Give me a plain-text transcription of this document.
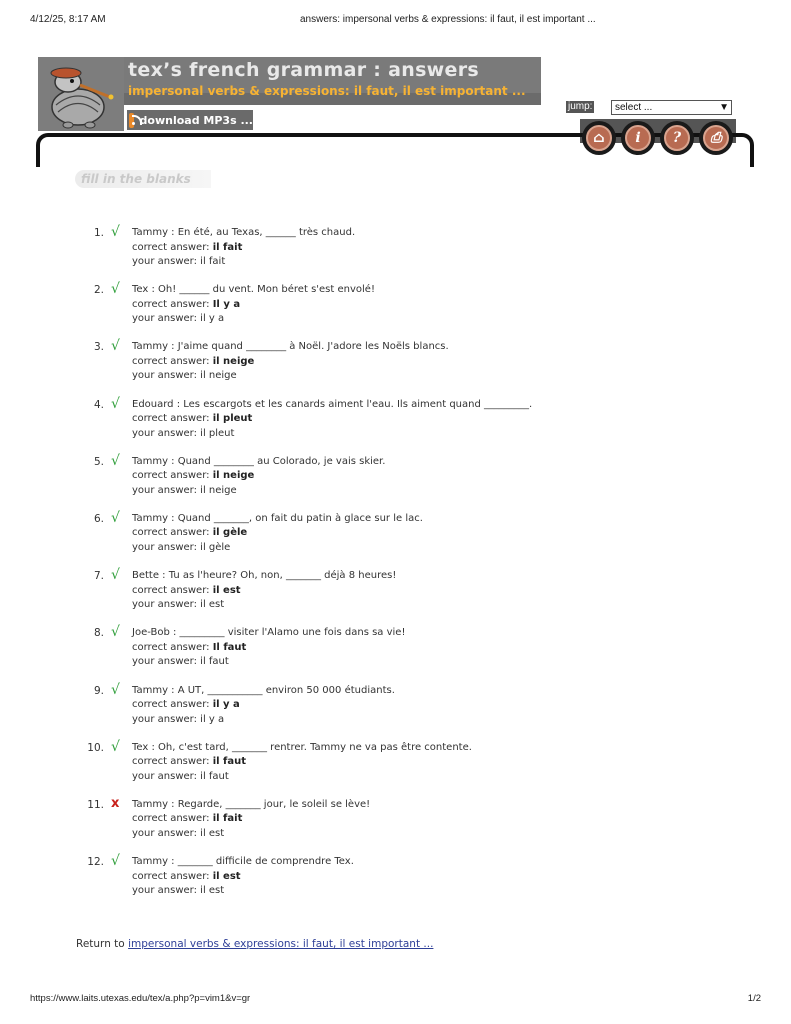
4/12/25, 8:17 AM	answers: impersonal verbs & expressions: il faut, il est important ...
tex’s french grammar : answers
impersonal verbs & expressions: il faut, il est important ...
download MP3s ...
jump:	select ...	▼
⌂	i	?	⎙
fill in the blanks
1. √ Tammy : En été, au Texas, ______ très chaud.
correct answer: il fait
your answer: il fait
2. √ Tex : Oh! ______ du vent. Mon béret s'est envolé!
correct answer: Il y a
your answer: il y a
3. √ Tammy : J'aime quand ________ à Noël. J'adore les Noëls blancs.
correct answer: il neige
your answer: il neige
4. √ Edouard : Les escargots et les canards aiment l'eau. Ils aiment quand _________.
correct answer: il pleut
your answer: il pleut
5. √ Tammy : Quand ________ au Colorado, je vais skier.
correct answer: il neige
your answer: il neige
6. √ Tammy : Quand _______, on fait du patin à glace sur le lac.
correct answer: il gèle
your answer: il gèle
7. √ Bette : Tu as l'heure? Oh, non, _______ déjà 8 heures!
correct answer: il est
your answer: il est
8. √ Joe-Bob : _________ visiter l'Alamo une fois dans sa vie!
correct answer: Il faut
your answer: il faut
9. √ Tammy : A UT, ___________ environ 50 000 étudiants.
correct answer: il y a
your answer: il y a
10. √ Tex : Oh, c'est tard, _______ rentrer. Tammy ne va pas être contente.
correct answer: il faut
your answer: il faut
11. x Tammy : Regarde, _______ jour, le soleil se lève!
correct answer: il fait
your answer: il est
12. √ Tammy : _______ difficile de comprendre Tex.
correct answer: il est
your answer: il est
Return to impersonal verbs & expressions: il faut, il est important ...
https://www.laits.utexas.edu/tex/a.php?p=vim1&v=gr	1/2
